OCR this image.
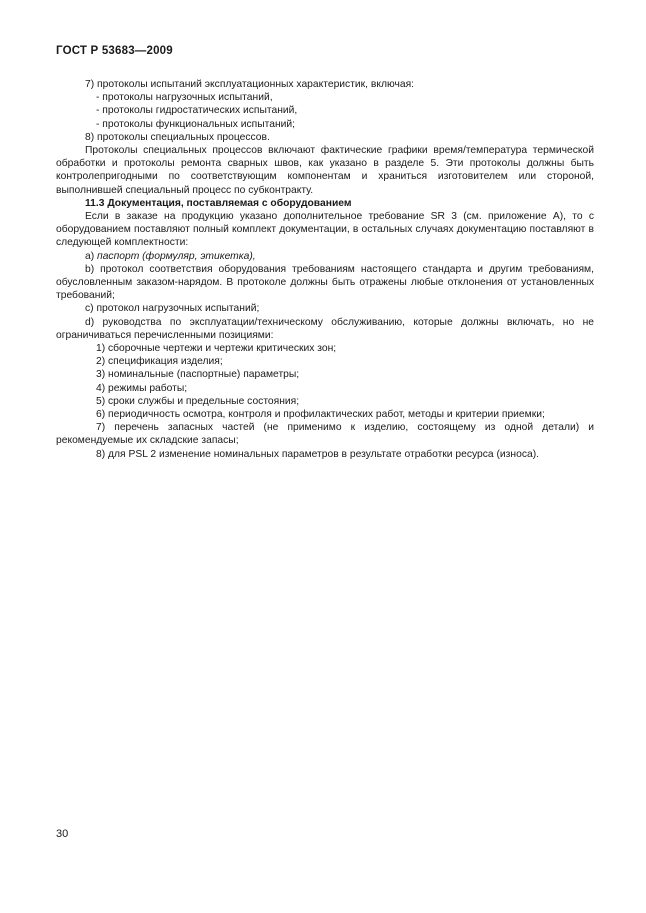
ГОСТ Р 53683—2009

7) протоколы испытаний эксплуатационных характеристик, включая:

- протоколы нагрузочных испытаний,

- протоколы гидростатических испытаний,

- протоколы функциональных испытаний;

8) протоколы специальных процессов.

Протоколы специальных процессов включают фактические графики время/температура термической обработки и протоколы ремонта сварных швов, как указано в разделе 5. Эти протоколы должны быть контролепригодными по соответствующим компонентам и храниться изготовителем или стороной, выполнившей специальный процесс по субконтракту.

11.3 Документация, поставляемая с оборудованием

Если в заказе на продукцию указано дополнительное требование SR 3 (см. приложение А), то с оборудованием поставляют полный комплект документации, в остальных случаях документацию поставляют в следующей комплектности:

а) паспорт (формуляр, этикетка),

b) протокол соответствия оборудования требованиям настоящего стандарта и другим требованиям, обусловленным заказом-нарядом. В протоколе должны быть отражены любые отклонения от установленных требований;

с) протокол нагрузочных испытаний;

d) руководства по эксплуатации/техническому обслуживанию, которые должны включать, но не ограничиваться перечисленными позициями:

1) сборочные чертежи и чертежи критических зон;

2) спецификация изделия;

3) номинальные (паспортные) параметры;

4) режимы работы;

5) сроки службы и предельные состояния;

6) периодичность осмотра, контроля и профилактических работ, методы и критерии приемки;

7) перечень запасных частей (не применимо к изделию, состоящему из одной детали) и рекомендуемые их складские запасы;

8) для PSL 2 изменение номинальных параметров в результате отработки ресурса (износа).

30
